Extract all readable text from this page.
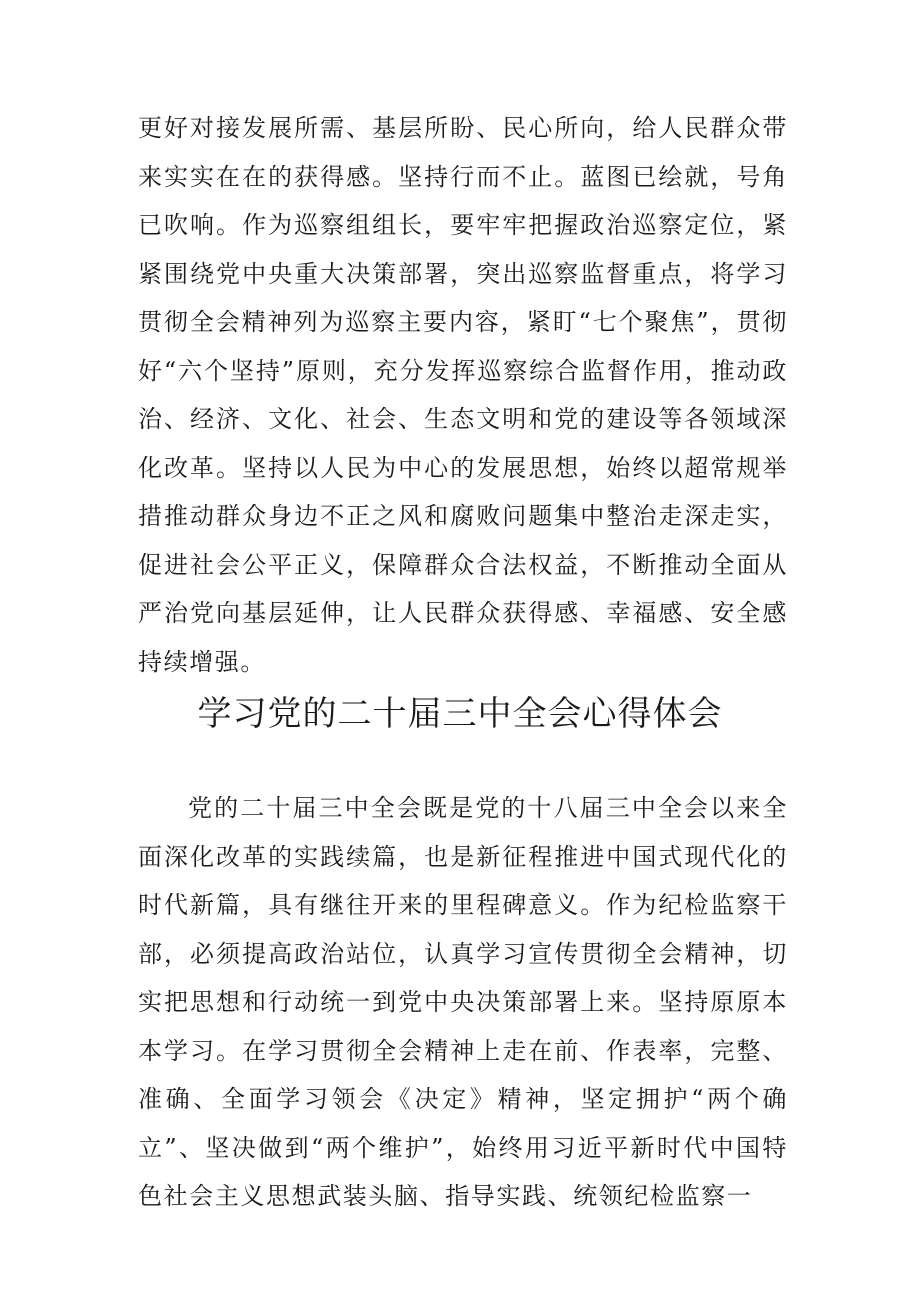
更好对接发展所需、基层所盼、民心所向，给人民群众带来实实在在的获得感。坚持行而不止。蓝图已绘就，号角已吹响。作为巡察组组长，要牢牢把握政治巡察定位，紧紧围绕党中央重大决策部署，突出巡察监督重点，将学习贯彻全会精神列为巡察主要内容，紧盯“七个聚焦”，贯彻好“六个坚持”原则，充分发挥巡察综合监督作用，推动政治、经济、文化、社会、生态文明和党的建设等各领域深化改革。坚持以人民为中心的发展思想，始终以超常规举措推动群众身边不正之风和腐败问题集中整治走深走实，促进社会公平正义，保障群众合法权益，不断推动全面从严治党向基层延伸，让人民群众获得感、幸福感、安全感持续增强。

学习党的二十届三中全会心得体会

党的二十届三中全会既是党的十八届三中全会以来全面深化改革的实践续篇，也是新征程推进中国式现代化的时代新篇，具有继往开来的里程碑意义。作为纪检监察干部，必须提高政治站位，认真学习宣传贯彻全会精神，切实把思想和行动统一到党中央决策部署上来。坚持原原本本学习。在学习贯彻全会精神上走在前、作表率，完整、准确、全面学习领会《决定》精神，坚定拥护“两个确立”、坚决做到“两个维护”，始终用习近平新时代中国特色社会主义思想武装头脑、指导实践、统领纪检监察一
